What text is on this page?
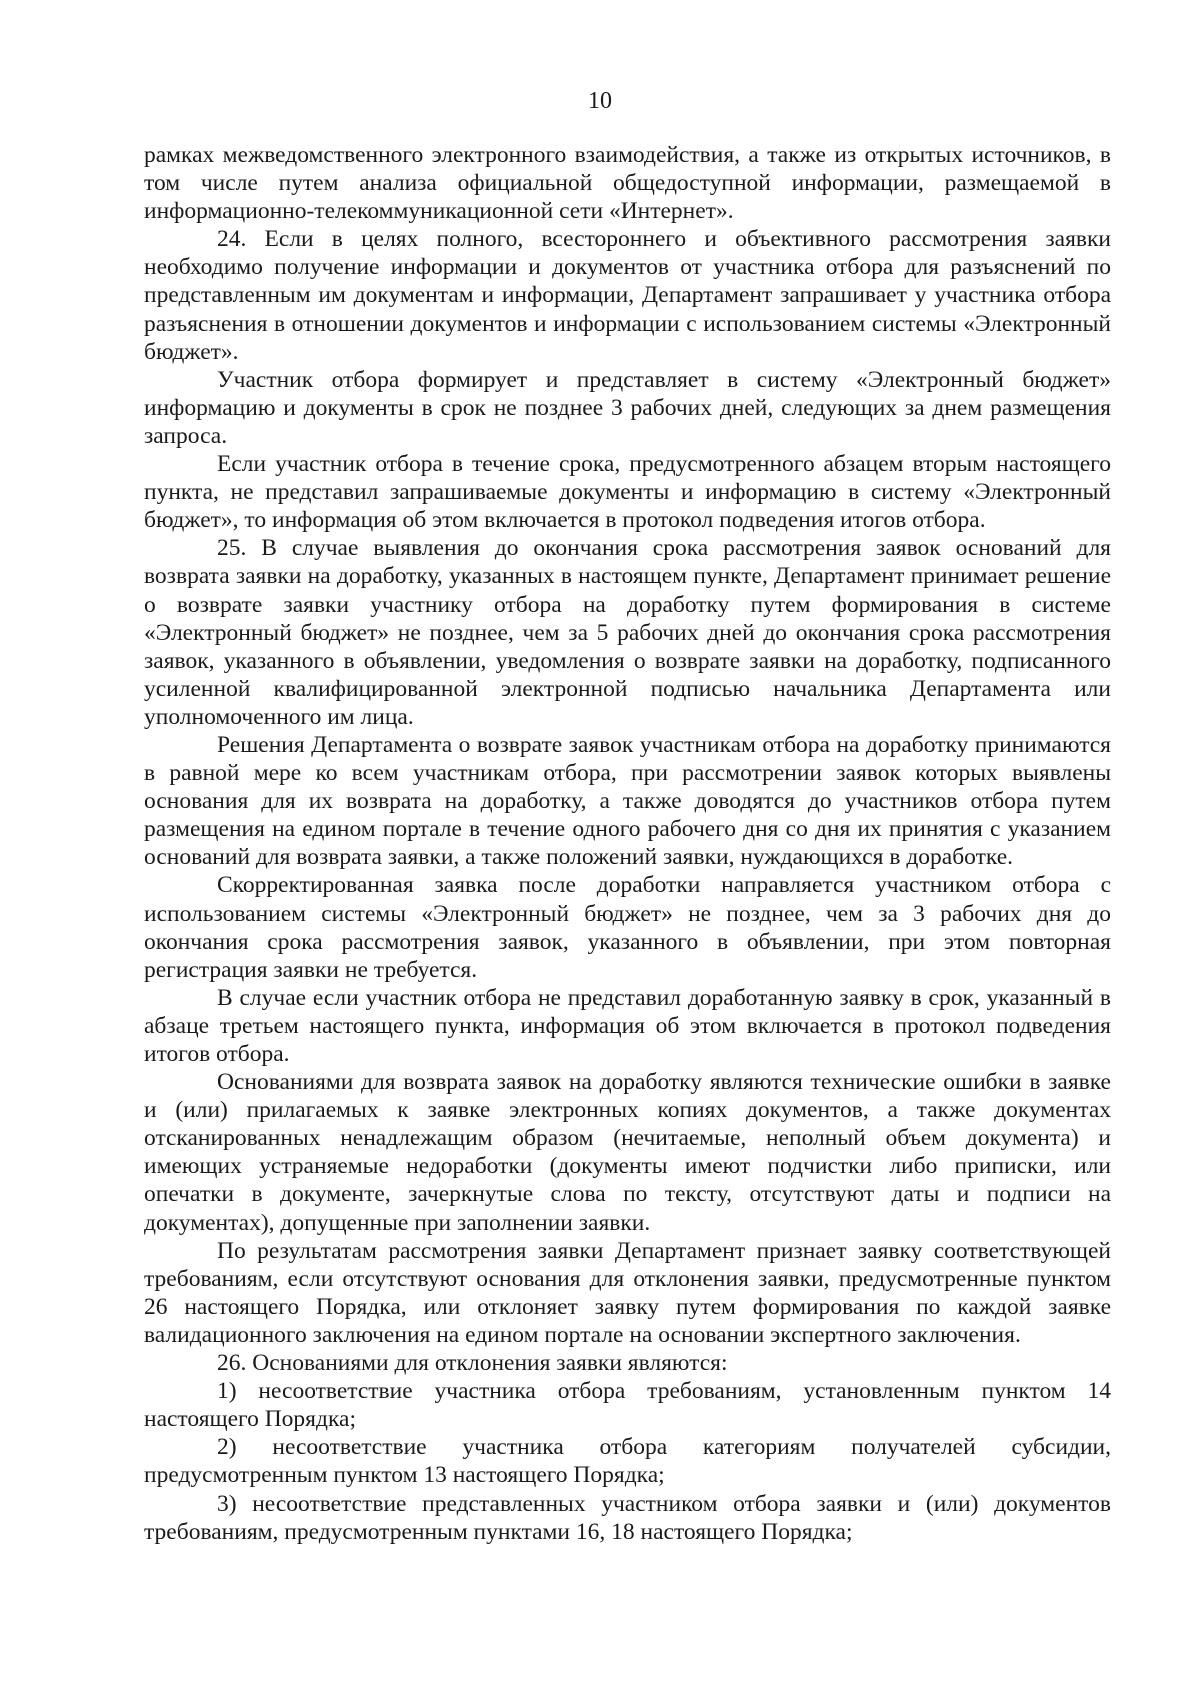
10

рамках межведомственного электронного взаимодействия, а также из открытых источников, в том числе путем анализа официальной общедоступной информации, размещаемой в информационно-телекоммуникационной сети «Интернет».

24. Если в целях полного, всестороннего и объективного рассмотрения заявки необходимо получение информации и документов от участника отбора для разъяснений по представленным им документам и информации, Департамент запрашивает у участника отбора разъяснения в отношении документов и информации с использованием системы «Электронный бюджет».

Участник отбора формирует и представляет в систему «Электронный бюджет» информацию и документы в срок не позднее 3 рабочих дней, следующих за днем размещения запроса.

Если участник отбора в течение срока, предусмотренного абзацем вторым настоящего пункта, не представил запрашиваемые документы и информацию в систему «Электронный бюджет», то информация об этом включается в протокол подведения итогов отбора.

25. В случае выявления до окончания срока рассмотрения заявок оснований для возврата заявки на доработку, указанных в настоящем пункте, Департамент принимает решение о возврате заявки участнику отбора на доработку путем формирования в системе «Электронный бюджет» не позднее, чем за 5 рабочих дней до окончания срока рассмотрения заявок, указанного в объявлении, уведомления о возврате заявки на доработку, подписанного усиленной квалифицированной электронной подписью начальника Департамента или уполномоченного им лица.

Решения Департамента о возврате заявок участникам отбора на доработку принимаются в равной мере ко всем участникам отбора, при рассмотрении заявок которых выявлены основания для их возврата на доработку, а также доводятся до участников отбора путем размещения на едином портале в течение одного рабочего дня со дня их принятия с указанием оснований для возврата заявки, а также положений заявки, нуждающихся в доработке.

Скорректированная заявка после доработки направляется участником отбора с использованием системы «Электронный бюджет» не позднее, чем за 3 рабочих дня до окончания срока рассмотрения заявок, указанного в объявлении, при этом повторная регистрация заявки не требуется.

В случае если участник отбора не представил доработанную заявку в срок, указанный в абзаце третьем настоящего пункта, информация об этом включается в протокол подведения итогов отбора.

Основаниями для возврата заявок на доработку являются технические ошибки в заявке и (или) прилагаемых к заявке электронных копиях документов, а также документах отсканированных ненадлежащим образом (нечитаемые, неполный объем документа) и имеющих устраняемые недоработки (документы имеют подчистки либо приписки, или опечатки в документе, зачеркнутые слова по тексту, отсутствуют даты и подписи на документах), допущенные при заполнении заявки.

По результатам рассмотрения заявки Департамент признает заявку соответствующей требованиям, если отсутствуют основания для отклонения заявки, предусмотренные пунктом 26 настоящего Порядка, или отклоняет заявку путем формирования по каждой заявке валидационного заключения на едином портале на основании экспертного заключения.

26. Основаниями для отклонения заявки являются:

1) несоответствие участника отбора требованиям, установленным пунктом 14 настоящего Порядка;

2) несоответствие участника отбора категориям получателей субсидии, предусмотренным пунктом 13 настоящего Порядка;

3) несоответствие представленных участником отбора заявки и (или) документов требованиям, предусмотренным пунктами 16, 18 настоящего Порядка;
